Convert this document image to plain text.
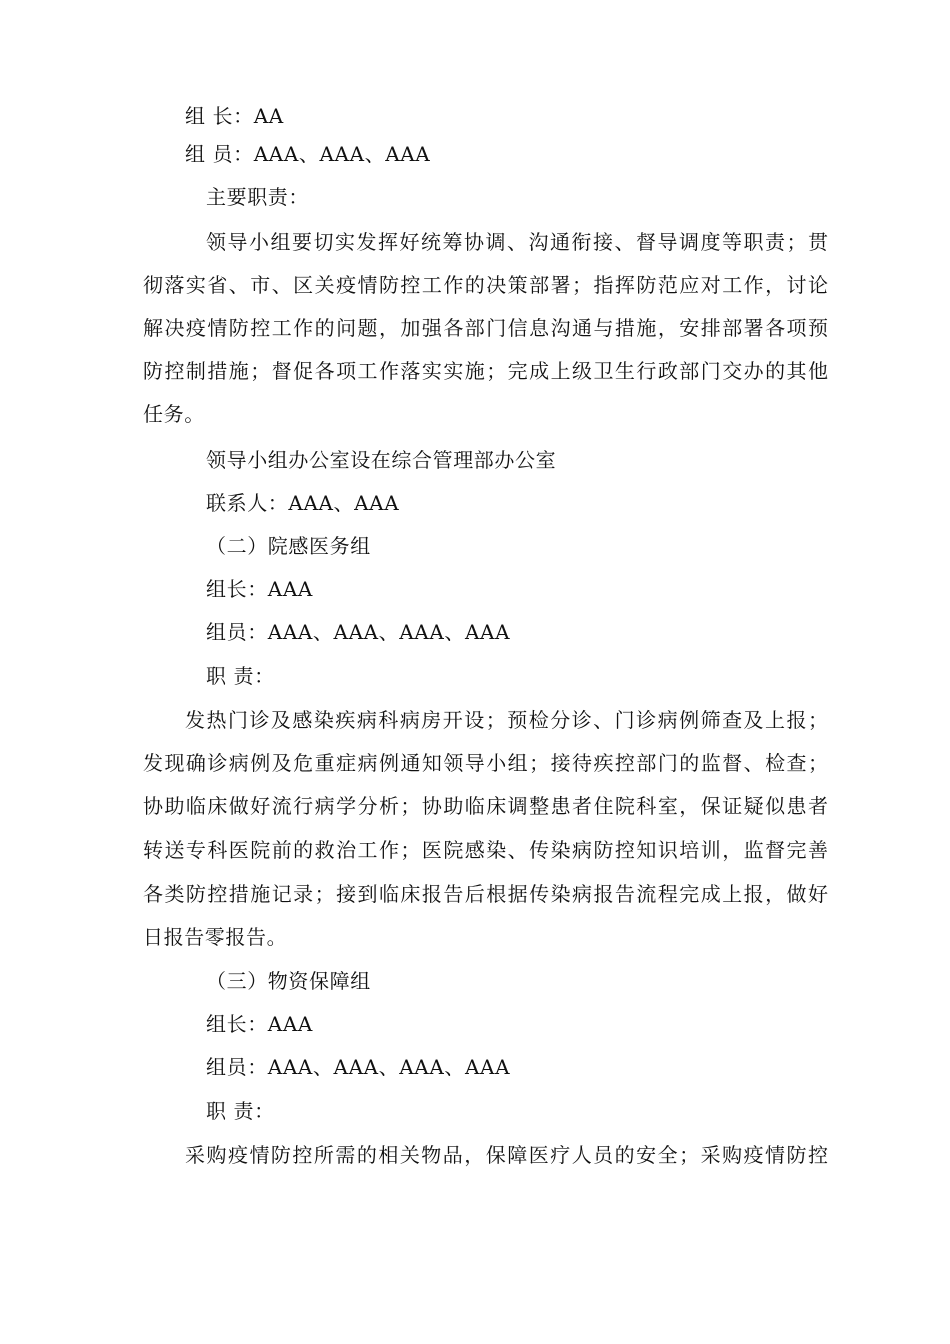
组 长：AA
组 员：AAA、AAA、AAA
主要职责：
领导小组要切实发挥好统筹协调、沟通衔接、督导调度等职责；贯
彻落实省、市、区关疫情防控工作的决策部署；指挥防范应对工作，讨论
解决疫情防控工作的问题，加强各部门信息沟通与措施，安排部署各项预
防控制措施；督促各项工作落实实施；完成上级卫生行政部门交办的其他
任务。
领导小组办公室设在综合管理部办公室
联系人：AAA、AAA
（二）院感医务组
组长：AAA
组员：AAA、AAA、AAA、AAA
职 责：
发热门诊及感染疾病科病房开设；预检分诊、门诊病例筛查及上报；
发现确诊病例及危重症病例通知领导小组；接待疾控部门的监督、检查；
协助临床做好流行病学分析；协助临床调整患者住院科室，保证疑似患者
转送专科医院前的救治工作；医院感染、传染病防控知识培训，监督完善
各类防控措施记录；接到临床报告后根据传染病报告流程完成上报，做好
日报告零报告。
（三）物资保障组
组长：AAA
组员：AAA、AAA、AAA、AAA
职 责：
采购疫情防控所需的相关物品，保障医疗人员的安全；采购疫情防控
